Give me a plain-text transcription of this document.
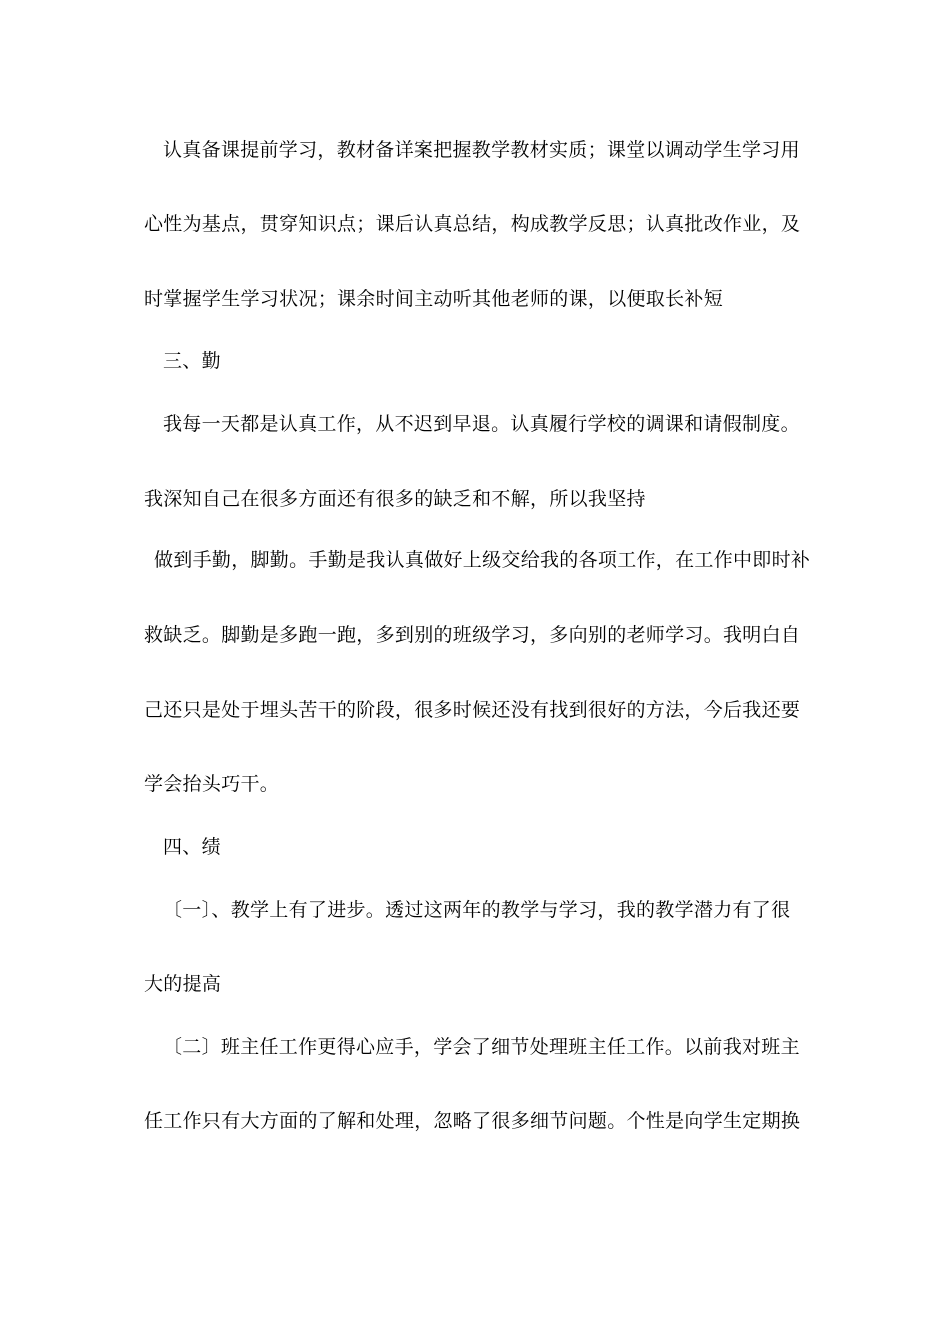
认真备课提前学习，教材备详案把握教学教材实质；课堂以调动学生学习用
心性为基点，贯穿知识点；课后认真总结，构成教学反思；认真批改作业，及
时掌握学生学习状况；课余时间主动听其他老师的课，以便取长补短
三、勤
我每一天都是认真工作，从不迟到早退。认真履行学校的调课和请假制度。
我深知自己在很多方面还有很多的缺乏和不解，所以我坚持
做到手勤，脚勤。手勤是我认真做好上级交给我的各项工作，在工作中即时补
救缺乏。脚勤是多跑一跑，多到别的班级学习，多向别的老师学习。我明白自
己还只是处于埋头苦干的阶段，很多时候还没有找到很好的方法，今后我还要
学会抬头巧干。
四、绩
〔一〕、教学上有了进步。透过这两年的教学与学习，我的教学潜力有了很
大的提高
〔二〕班主任工作更得心应手，学会了细节处理班主任工作。以前我对班主
任工作只有大方面的了解和处理，忽略了很多细节问题。个性是向学生定期换
